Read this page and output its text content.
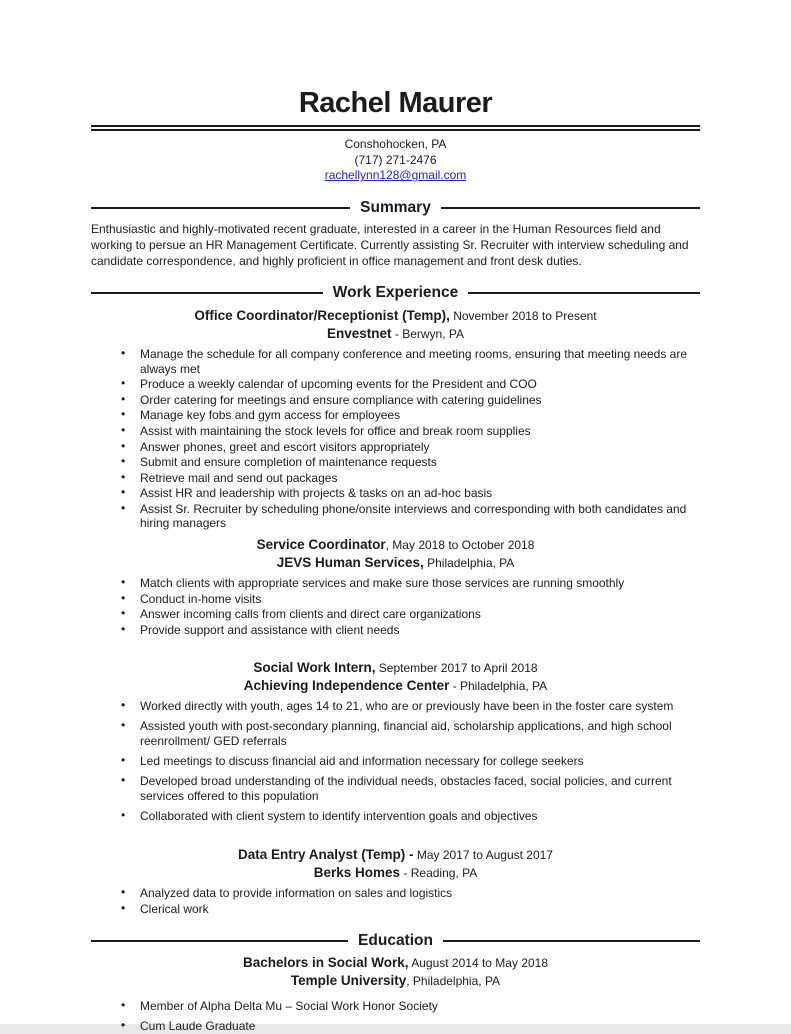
Rachel Maurer
Conshohocken, PA
(717) 271-2476
rachellynn128@gmail.com
Summary

Enthusiastic and highly-motivated recent graduate, interested in a career in the Human Resources field and working to persue an HR Management Certificate. Currently assisting Sr. Recruiter with interview scheduling and candidate correspondence, and highly proficient in office management and front desk duties.

Work Experience
Office Coordinator/Receptionist (Temp), November 2018 to Present
Envestnet - Berwyn, PA
• Manage the schedule for all company conference and meeting rooms, ensuring that meeting needs are always met
• Produce a weekly calendar of upcoming events for the President and COO
• Order catering for meetings and ensure compliance with catering guidelines
• Manage key fobs and gym access for employees
• Assist with maintaining the stock levels for office and break room supplies
• Answer phones, greet and escort visitors appropriately
• Submit and ensure completion of maintenance requests
• Retrieve mail and send out packages
• Assist HR and leadership with projects & tasks on an ad-hoc basis
• Assist Sr. Recruiter by scheduling phone/onsite interviews and corresponding with both candidates and hiring managers
Service Coordinator, May 2018 to October 2018
JEVS Human Services, Philadelphia, PA
• Match clients with appropriate services and make sure those services are running smoothly
• Conduct in-home visits
• Answer incoming calls from clients and direct care organizations
• Provide support and assistance with client needs
Social Work Intern, September 2017 to April 2018
Achieving Independence Center - Philadelphia, PA
• Worked directly with youth, ages 14 to 21, who are or previously have been in the foster care system
• Assisted youth with post-secondary planning, financial aid, scholarship applications, and high school reenrollment/ GED referrals
• Led meetings to discuss financial aid and information necessary for college seekers
• Developed broad understanding of the individual needs, obstacles faced, social policies, and current services offered to this population
• Collaborated with client system to identify intervention goals and objectives
Data Entry Analyst (Temp) - May 2017 to August 2017
Berks Homes - Reading, PA
• Analyzed data to provide information on sales and logistics
• Clerical work
Education
Bachelors in Social Work, August 2014 to May 2018
Temple University, Philadelphia, PA
• Member of Alpha Delta Mu – Social Work Honor Society
• Cum Laude Graduate
